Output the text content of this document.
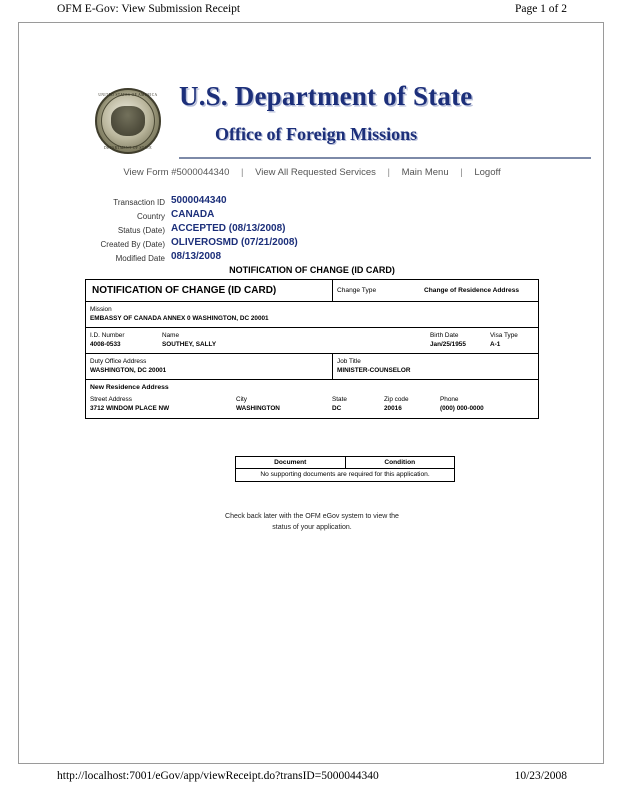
OFM E-Gov: View Submission Receipt	Page 1 of 2
UNITED STATES OF AMERICA
DEPARTMENT OF STATE
U.S. Department of State
Office of Foreign Missions
View Form #5000044340 | View All Requested Services | Main Menu | Logoff
Transaction ID 5000044340
Country CANADA
Status (Date) ACCEPTED (08/13/2008)
Created By (Date) OLIVEROSMD (07/21/2008)
Modified Date 08/13/2008
NOTIFICATION OF CHANGE (ID CARD)
NOTIFICATION OF CHANGE (ID CARD)	Change Type	Change of Residence Address
Mission
EMBASSY OF CANADA ANNEX 0 WASHINGTON, DC 20001
I.D. Number
4008-0533
Name
SOUTHEY, SALLY
Birth Date
Jan/25/1955
Visa Type
A-1
Duty Office Address
WASHINGTON, DC 20001
Job Title
MINISTER-COUNSELOR
New Residence Address
Street Address	City	State	Zip code	Phone
3712 WINDOM PLACE NW	WASHINGTON	DC	20016	(000) 000-0000
Document	Condition
No supporting documents are required for this application.
Check back later with the OFM eGov system to view the
status of your application.
http://localhost:7001/eGov/app/viewReceipt.do?transID=5000044340	10/23/2008
